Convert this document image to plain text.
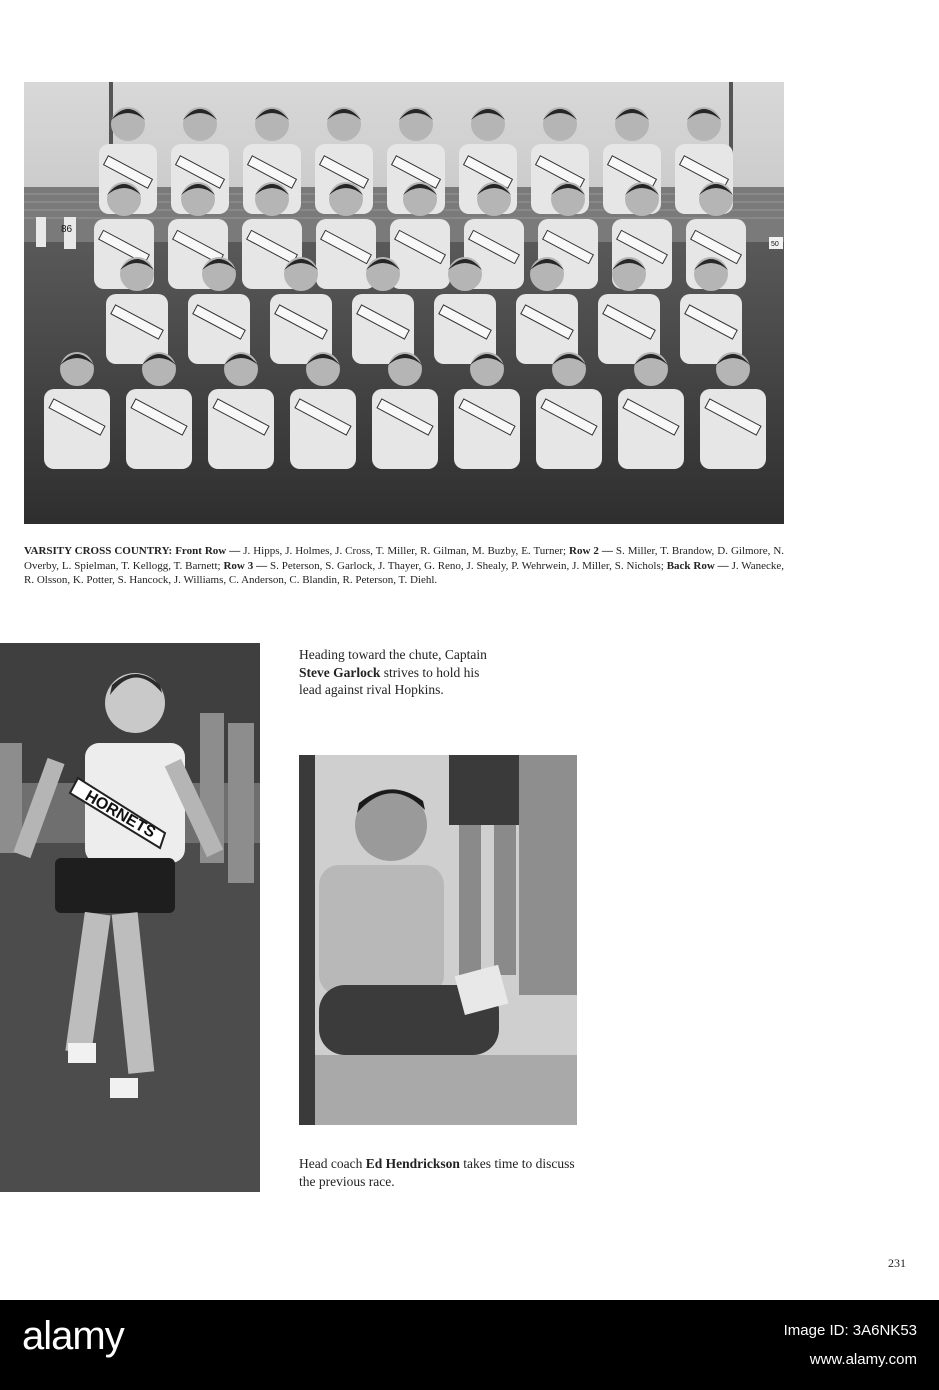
86
50
VARSITY CROSS COUNTRY: Front Row — J. Hipps, J. Holmes, J. Cross, T. Miller, R. Gilman, M. Buzby, E. Turner; Row 2 — S. Miller, T. Brandow, D. Gilmore, N. Overby, L. Spielman, T. Kellogg, T. Barnett; Row 3 — S. Peterson, S. Garlock, J. Thayer, G. Reno, J. Shealy, P. Wehrwein, J. Miller, S. Nichols; Back Row — J. Wanecke, R. Olsson, K. Potter, S. Hancock, J. Williams, C. Anderson, C. Blandin, R. Peterson, T. Diehl.
HORNETS
Heading toward the chute, Captain Steve Garlock strives to hold his lead against rival Hopkins.
Head coach Ed Hendrickson takes time to discuss the previous race.
231
alamy	Image ID: 3A6NK53
www.alamy.com
